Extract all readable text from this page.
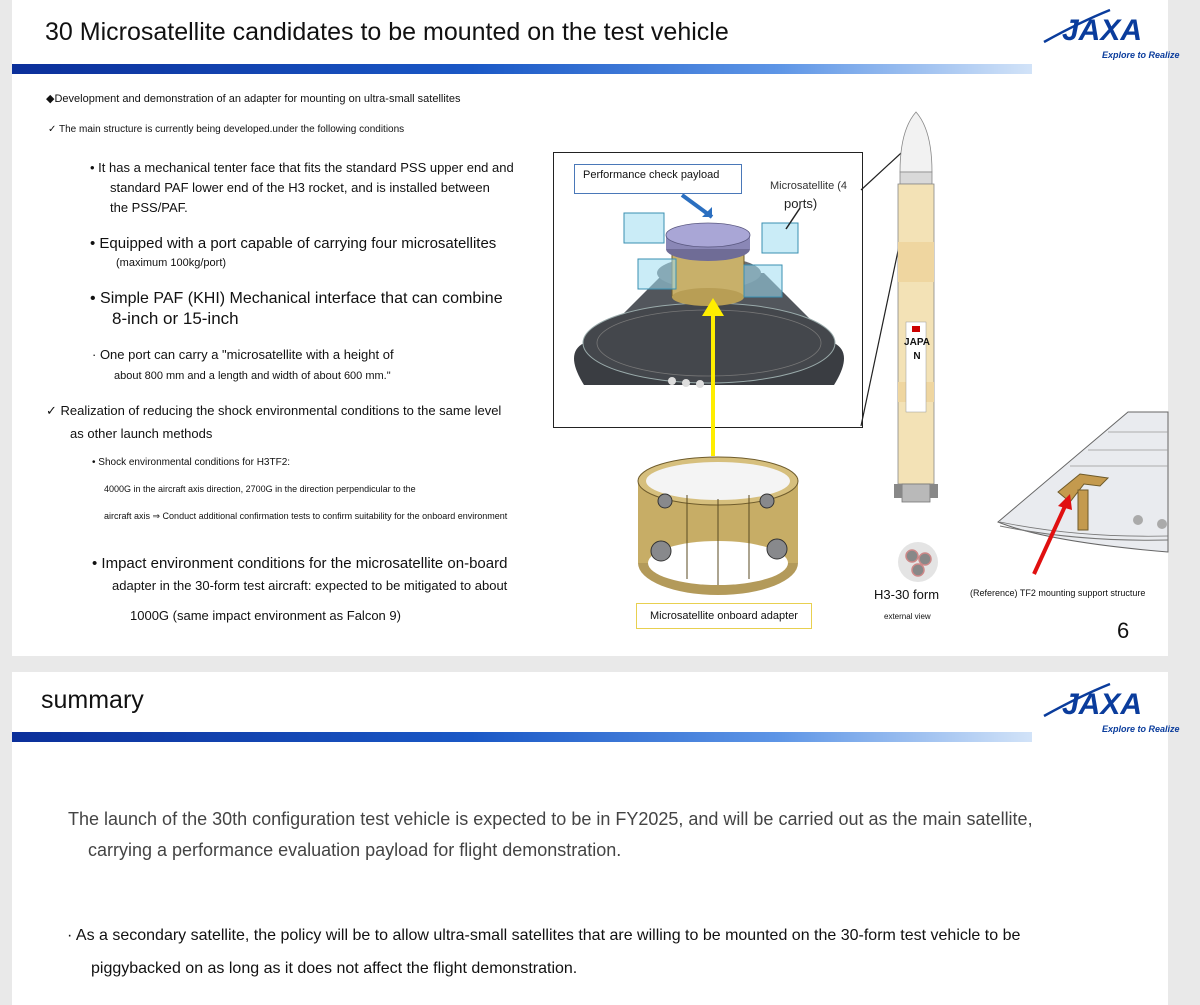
30 Microsatellite candidates to be mounted on the test vehicle	JAXA
Explore to Realize
◆Development and demonstration of an adapter for mounting on ultra-small satellites
✓ The main structure is currently being developed.under the following conditions
• It has a mechanical tenter face that fits the standard PSS upper end and
standard PAF lower end of the H3 rocket, and is installed between
the PSS/PAF.
• Equipped with a port capable of carrying four microsatellites
(maximum 100kg/port)
• Simple PAF (KHI) Mechanical interface that can combine
8-inch or 15-inch
· One port can carry a "microsatellite with a height of
about 800 mm and a length and width of about 600 mm."
✓ Realization of reducing the shock environmental conditions to the same level
as other launch methods
• Shock environmental conditions for H3TF2:
4000G in the aircraft axis direction, 2700G in the direction perpendicular to the
aircraft axis ⇒ Conduct additional confirmation tests to confirm suitability for the onboard environment
• Impact environment conditions for the microsatellite on-board
adapter in the 30-form test aircraft: expected to be mitigated to about
1000G (same impact environment as Falcon 9)
Performance check payload
Microsatellite (4
ports)
Microsatellite onboard adapter
JAPAN
H3-30 form
external view
(Reference) TF2 mounting support structure
6
summary	JAXA
Explore to Realize
The launch of the 30th configuration test vehicle is expected to be in FY2025, and will be carried out as the main satellite,
carrying a performance evaluation payload for flight demonstration.
· As a secondary satellite, the policy will be to allow ultra-small satellites that are willing to be mounted on the 30-form test vehicle to be
piggybacked on as long as it does not affect the flight demonstration.
